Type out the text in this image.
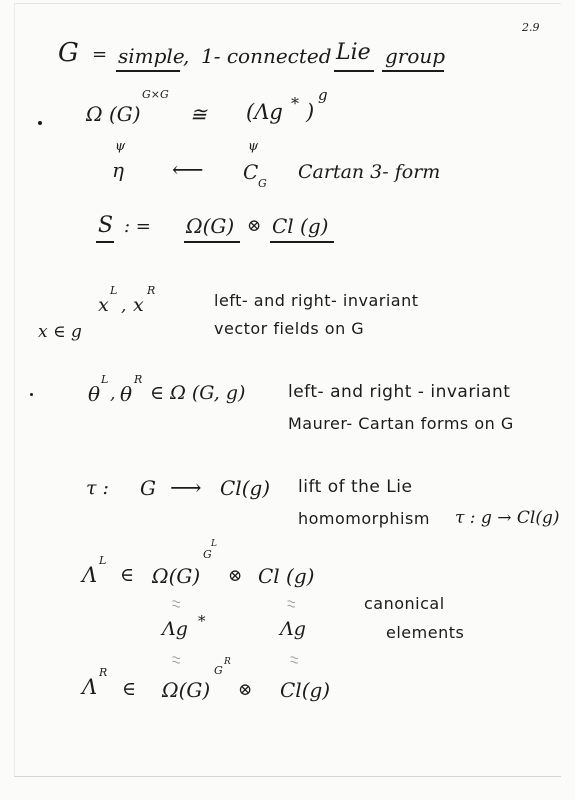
2.9
G = simple
, 1- connected Lie group
Ω (G)
G×G
≅ (Λg * )
g
ψ	ψ
η ⟵ C G
Cartan 3- form
S : = Ω(G) ⊗ Cl (g)
x
L
, x
R
x ∈ g
left- and right- invariant
vector fields on G
θ
L
, θ
R
∈ Ω (G, g)	left- and right - invariant
Maurer- Cartan forms on G
τ : G ⟶ Cl(g) lift of the Lie
homomorphism τ : g → Cl(g)
Λ
L
∈ Ω(G)
G
L
⊗ Cl (g)
≀≀	≀≀
Λg *	Λg
canonical
elements
≀≀	≀≀
Λ
R
∈ Ω(G)
G
R
⊗ Cl(g)
